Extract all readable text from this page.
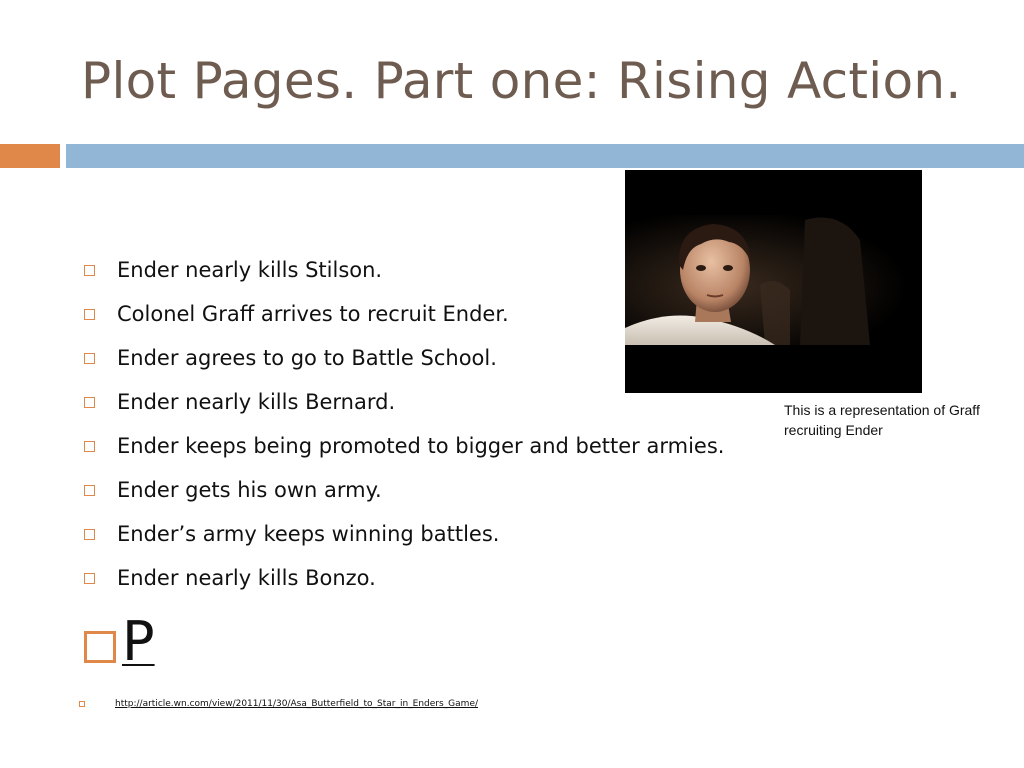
Plot Pages. Part one: Rising Action.
Ender nearly kills Stilson.
Colonel Graff arrives to recruit Ender.
Ender agrees to go to Battle School.
Ender nearly kills Bernard.
Ender keeps being promoted to bigger and better armies.
Ender gets his own army.
Ender’s army keeps winning battles.
Ender nearly kills Bonzo.
P
http://article.wn.com/view/2011/11/30/Asa_Butterfield_to_Star_in_Enders_Game/
This is a representation of Graff recruiting Ender
